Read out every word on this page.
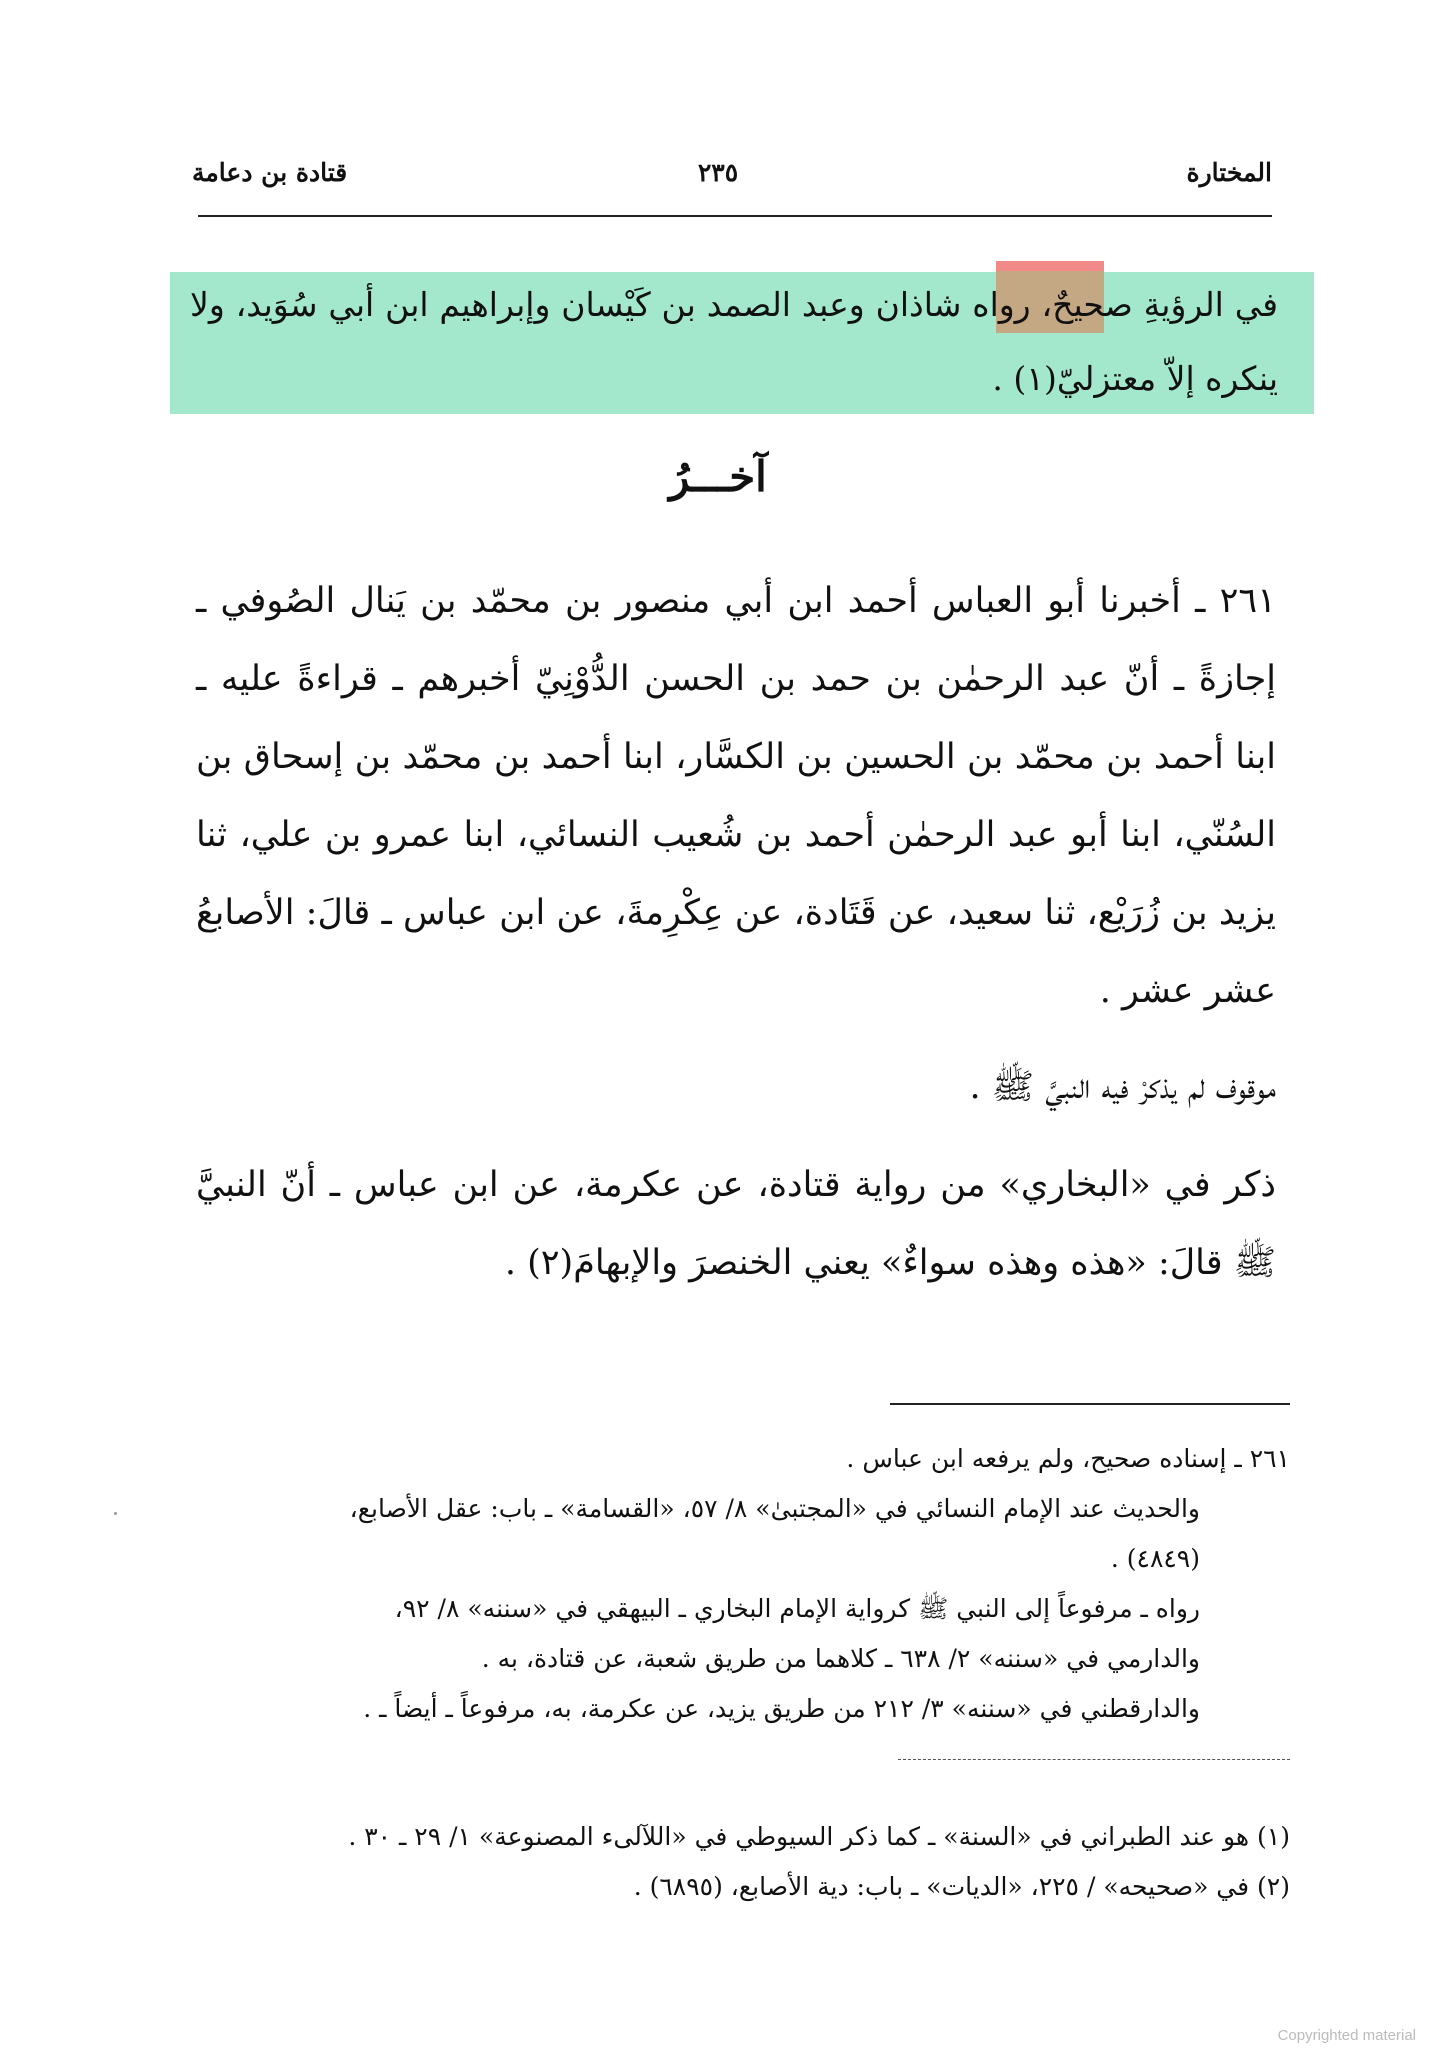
المختارة
٢٣٥
قتادة بن دعامة
في الرؤيةِ صحيحٌ، رواه شاذان وعبد الصمد بن كَيْسان وإبراهيم ابن أبي سُوَيد، ولا ينكره إلاّ معتزليّ(١) .
آخـــرُ

٢٦١ ـ أخبرنا أبو العباس أحمد ابن أبي منصور بن محمّد بن يَنال الصُوفي ـ إجازةً ـ أنّ عبد الرحمٰن بن حمد بن الحسن الدُّوْنِيّ أخبرهم ـ قراءةً عليه ـ ابنا أحمد بن محمّد بن الحسين بن الكسَّار، ابنا أحمد بن محمّد بن إسحاق بن السُنّي، ابنا أبو عبد الرحمٰن أحمد بن شُعيب النسائي، ابنا عمرو بن علي، ثنا يزيد بن زُرَيْع، ثنا سعيد، عن قَتَادة، عن عِكْرِمةَ، عن ابن عباس ـ قالَ: الأصابعُ عشر عشر .

موقوف لم يذكرْ فيه النبيَّ ﷺ .

ذكر في «البخاري» من رواية قتادة، عن عكرمة، عن ابن عباس ـ أنّ النبيَّ ﷺ قالَ: «هذه وهذه سواءٌ» يعني الخنصرَ والإبهامَ(٢) .

٢٦١ ـ إسناده صحيح، ولم يرفعه ابن عباس .

والحديث عند الإمام النسائي في «المجتبىٰ» ٨/ ٥٧، «القسامة» ـ باب: عقل الأصابع،

(٤٨٤٩) .

رواه ـ مرفوعاً إلى النبي ﷺ كرواية الإمام البخاري ـ البيهقي في «سننه» ٨/ ٩٢،

والدارمي في «سننه» ٢/ ٦٣٨ ـ كلاهما من طريق شعبة، عن قتادة، به .

والدارقطني في «سننه» ٣/ ٢١٢ من طريق يزيد، عن عكرمة، به، مرفوعاً ـ أيضاً ـ .

(١) هو عند الطبراني في «السنة» ـ كما ذكر السيوطي في «اللآلىء المصنوعة» ١/ ٢٩ ـ ٣٠ .

(٢) في «صحيحه» / ٢٢٥، «الديات» ـ باب: دية الأصابع، (٦٨٩٥) .

Copyrighted material
